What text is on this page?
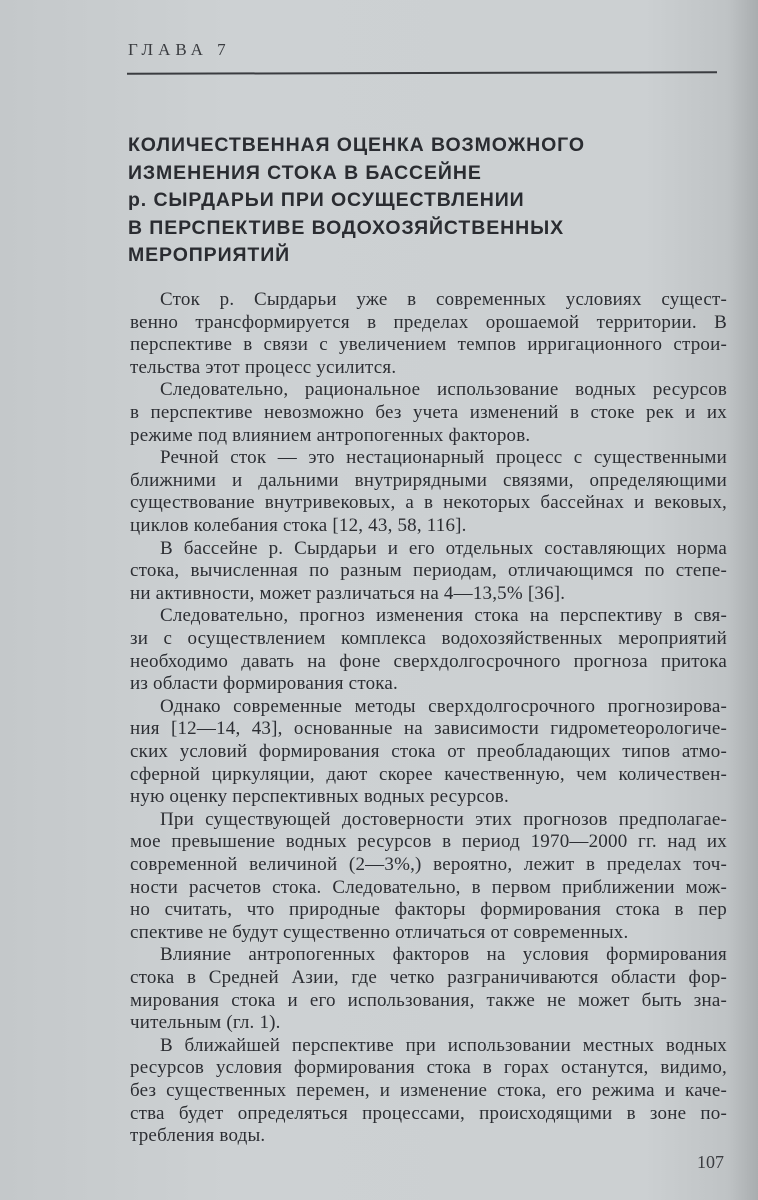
ГЛАВА 7
КОЛИЧЕСТВЕННАЯ ОЦЕНКА ВОЗМОЖНОГО
ИЗМЕНЕНИЯ СТОКА В БАССЕЙНЕ
р. СЫРДАРЬИ ПРИ ОСУЩЕСТВЛЕНИИ
В ПЕРСПЕКТИВЕ ВОДОХОЗЯЙСТВЕННЫХ
МЕРОПРИЯТИЙ
Сток р. Сырдарьи уже в современных условиях сущест-
венно трансформируется в пределах орошаемой территории. В
перспективе в связи с увеличением темпов ирригационного строи-
тельства этот процесс усилится.
Следовательно, рациональное использование водных ресурсов
в перспективе невозможно без учета изменений в стоке рек и их
режиме под влиянием антропогенных факторов.
Речной сток — это нестационарный процесс с существенными
ближними и дальними внутрирядными связями, определяющими
существование внутривековых, а в некоторых бассейнах и вековых,
циклов колебания стока [12, 43, 58, 116].
В бассейне р. Сырдарьи и его отдельных составляющих норма
стока, вычисленная по разным периодам, отличающимся по степе-
ни активности, может различаться на 4—13,5% [36].
Следовательно, прогноз изменения стока на перспективу в свя-
зи с осуществлением комплекса водохозяйственных мероприятий
необходимо давать на фоне сверхдолгосрочного прогноза притока
из области формирования стока.
Однако современные методы сверхдолгосрочного прогнозирова-
ния [12—14, 43], основанные на зависимости гидрометеорологиче-
ских условий формирования стока от преобладающих типов атмо-
сферной циркуляции, дают скорее качественную, чем количествен-
ную оценку перспективных водных ресурсов.
При существующей достоверности этих прогнозов предполагае-
мое превышение водных ресурсов в период 1970—2000 гг. над их
современной величиной (2—3%,) вероятно, лежит в пределах точ-
ности расчетов стока. Следовательно, в первом приближении мож-
но считать, что природные факторы формирования стока в пер
спективе не будут существенно отличаться от современных.
Влияние антропогенных факторов на условия формирования
стока в Средней Азии, где четко разграничиваются области фор-
мирования стока и его использования, также не может быть зна-
чительным (гл. 1).
В ближайшей перспективе при использовании местных водных
ресурсов условия формирования стока в горах останутся, видимо,
без существенных перемен, и изменение стока, его режима и каче-
ства будет определяться процессами, происходящими в зоне по-
требления воды.
107
